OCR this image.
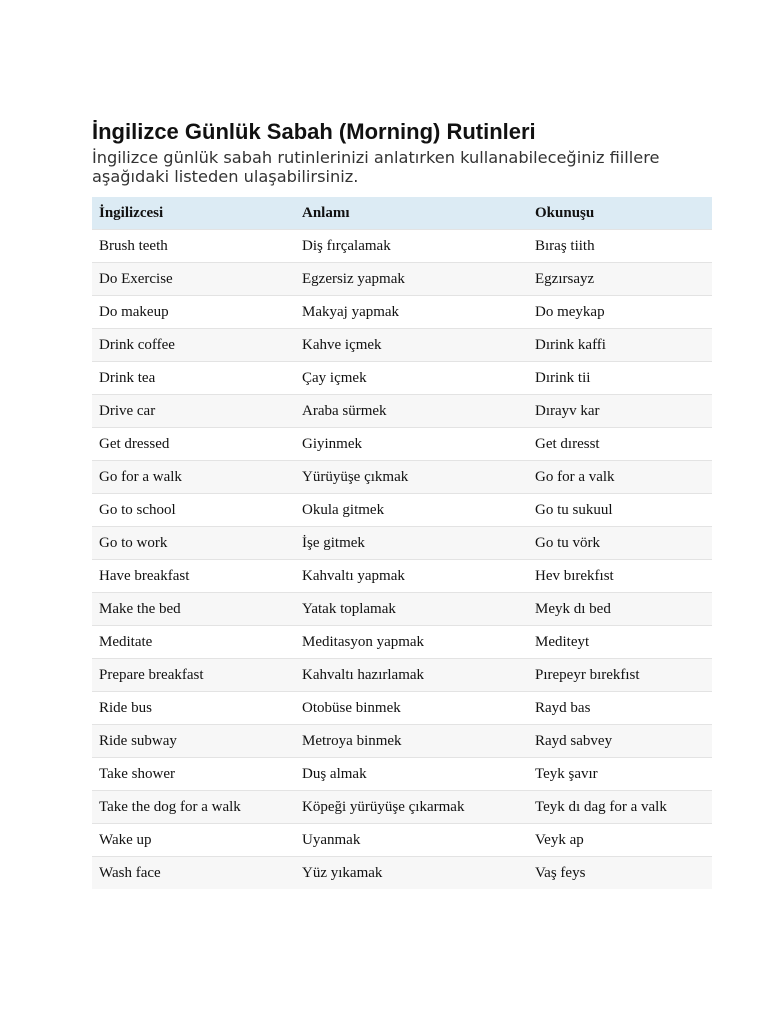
İngilizce Günlük Sabah (Morning) Rutinleri

İngilizce günlük sabah rutinlerinizi anlatırken kullanabileceğiniz fiillere aşağıdaki listeden ulaşabilirsiniz.

İngilizcesi	Anlamı	Okunuşu
Brush teeth	Diş fırçalamak	Bıraş tiith
Do Exercise	Egzersiz yapmak	Egzırsayz
Do makeup	Makyaj yapmak	Do meykap
Drink coffee	Kahve içmek	Dırink kaffi
Drink tea	Çay içmek	Dırink tii
Drive car	Araba sürmek	Dırayv kar
Get dressed	Giyinmek	Get dıresst
Go for a walk	Yürüyüşe çıkmak	Go for a valk
Go to school	Okula gitmek	Go tu sukuul
Go to work	İşe gitmek	Go tu vörk
Have breakfast	Kahvaltı yapmak	Hev bırekfıst
Make the bed	Yatak toplamak	Meyk dı bed
Meditate	Meditasyon yapmak	Mediteyt
Prepare breakfast	Kahvaltı hazırlamak	Pırepeyr bırekfıst
Ride bus	Otobüse binmek	Rayd bas
Ride subway	Metroya binmek	Rayd sabvey
Take shower	Duş almak	Teyk şavır
Take the dog for a walk	Köpeği yürüyüşe çıkarmak	Teyk dı dag for a valk
Wake up	Uyanmak	Veyk ap
Wash face	Yüz yıkamak	Vaş feys
